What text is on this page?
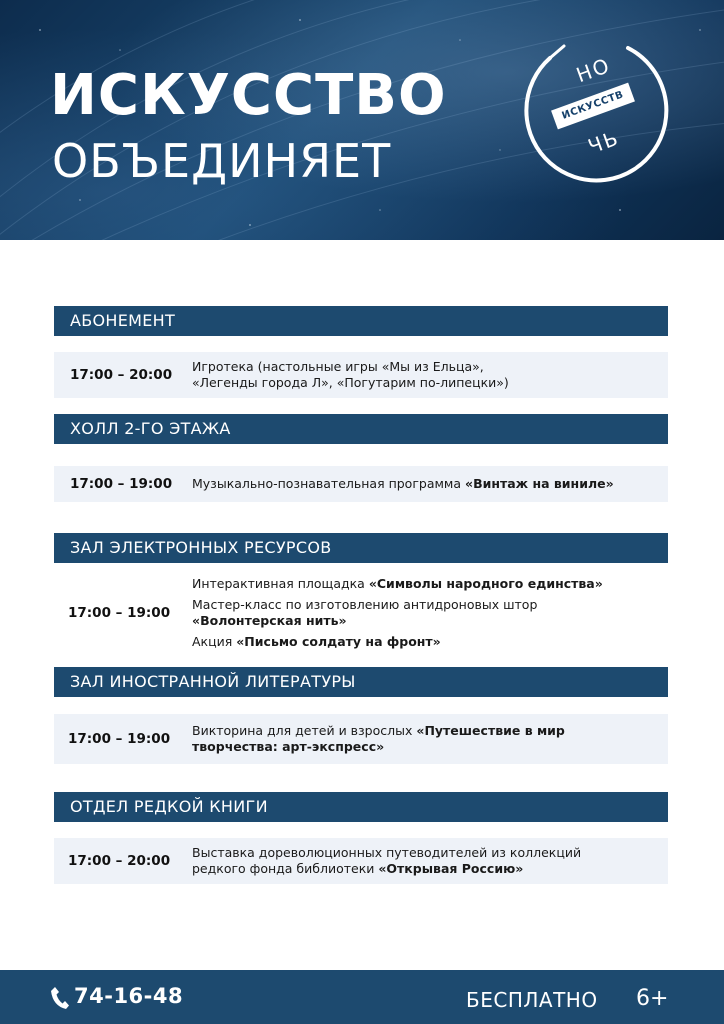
ИСКУССТВО
ОБЪЕДИНЯЕТ
НО
ИСКУССТВ
ЧЬ
АБОНЕМЕНТ
17:00 – 20:00
Игротека (настольные игры «Мы из Ельца»,
«Легенды города Л», «Погутарим по-липецки»)
ХОЛЛ 2-ГО ЭТАЖА
17:00 – 19:00 Музыкально-познавательная программа «Винтаж на виниле»
ЗАЛ ЭЛЕКТРОННЫХ РЕСУРСОВ
17:00 – 19:00

Интерактивная площадка «Символы народного единства»

Мастер-класс по изготовлению антидроновых штор
«Волонтерская нить»

Акция «Письмо солдату на фронт»

ЗАЛ ИНОСТРАННОЙ ЛИТЕРАТУРЫ
17:00 – 19:00
Викторина для детей и взрослых «Путешествие в мир
творчества: арт-экспресс»
ОТДЕЛ РЕДКОЙ КНИГИ
17:00 – 20:00
Выставка дореволюционных путеводителей из коллекций
редкого фонда библиотеки «Открывая Россию»
74-16-48	БЕСПЛАТНО 6+
